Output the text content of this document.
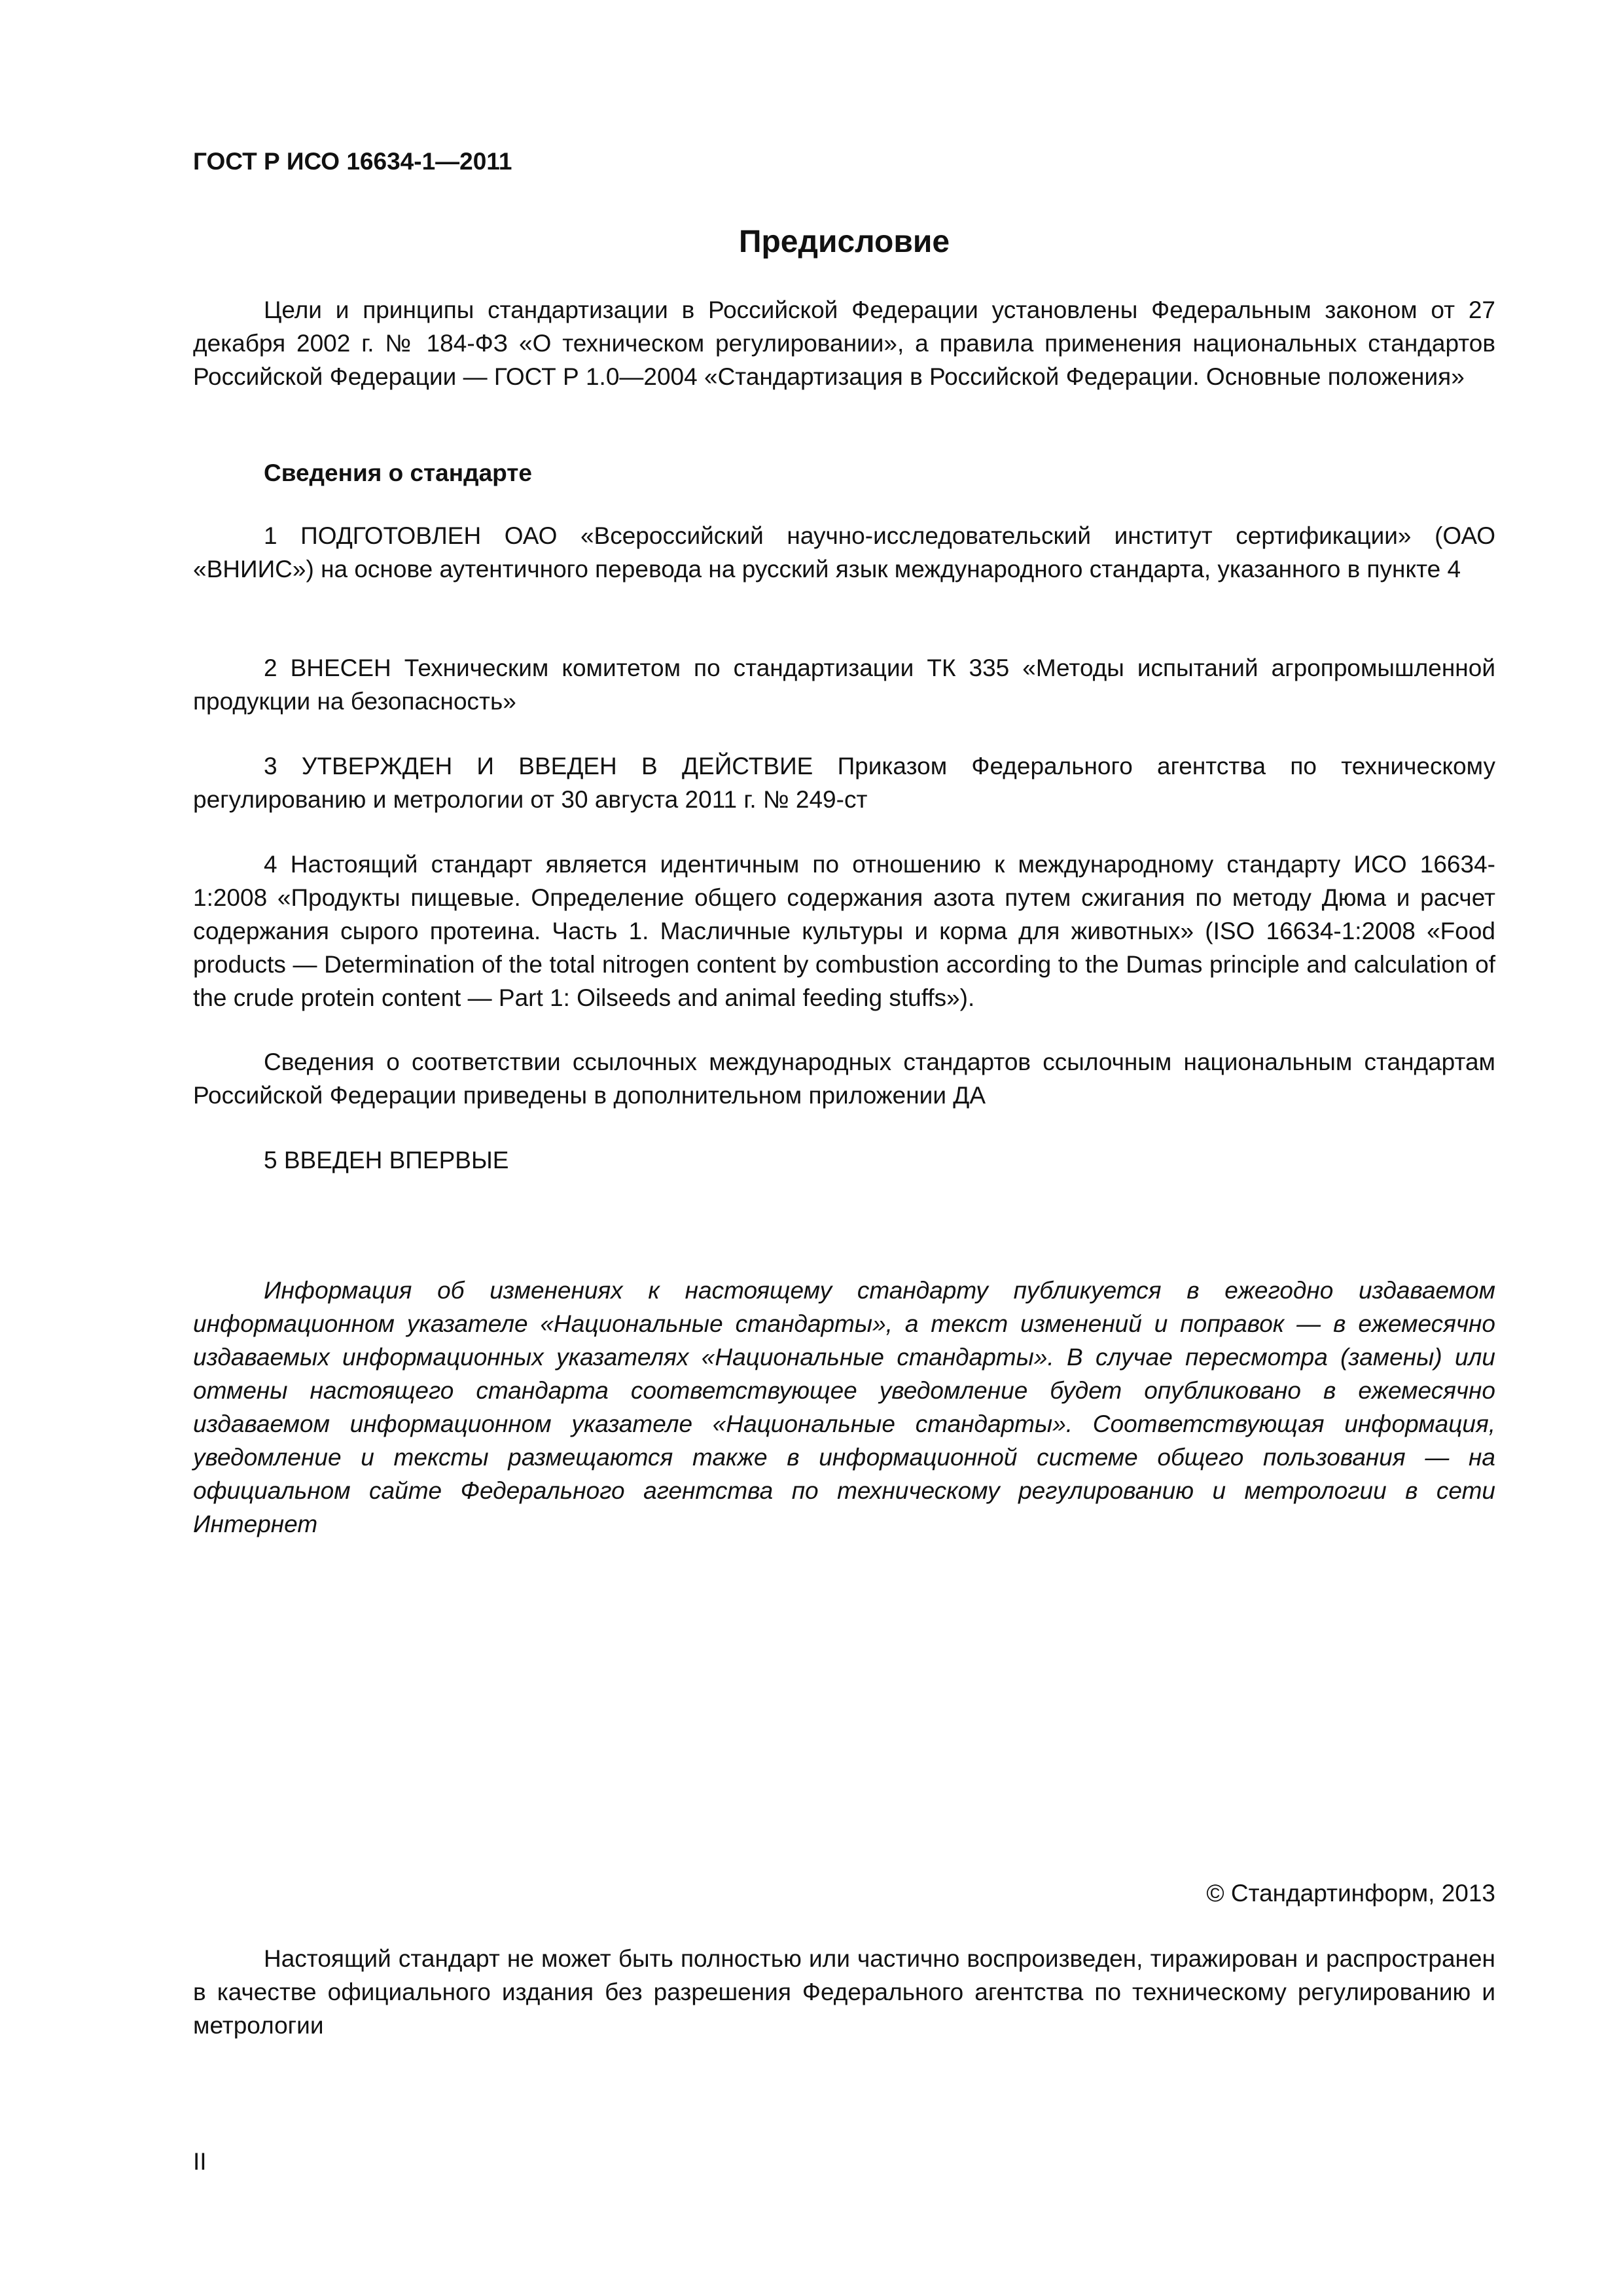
ГОСТ Р ИСО 16634-1—2011
Предисловие

Цели и принципы стандартизации в Российской Федерации установлены Федеральным законом от 27 декабря 2002 г. № 184-ФЗ «О техническом регулировании», а правила применения национальных стандартов Российской Федерации — ГОСТ Р 1.0—2004 «Стандартизация в Российской Федерации. Основные положения»

Сведения о стандарте

1 ПОДГОТОВЛЕН ОАО «Всероссийский научно-исследовательский институт сертификации» (ОАО «ВНИИС») на основе аутентичного перевода на русский язык международного стандарта, указанного в пункте 4

2 ВНЕСЕН Техническим комитетом по стандартизации ТК 335 «Методы испытаний агропромышленной продукции на безопасность»

3 УТВЕРЖДЕН И ВВЕДЕН В ДЕЙСТВИЕ Приказом Федерального агентства по техническому регулированию и метрологии от 30 августа 2011 г. № 249-ст

4 Настоящий стандарт является идентичным по отношению к международному стандарту ИСО 16634-1:2008 «Продукты пищевые. Определение общего содержания азота путем сжигания по методу Дюма и расчет содержания сырого протеина. Часть 1. Масличные культуры и корма для животных» (ISO 16634-1:2008 «Food products — Determination of the total nitrogen content by combustion according to the Dumas principle and calculation of the crude protein content — Part 1: Oilseeds and animal feeding stuffs»).

Сведения о соответствии ссылочных международных стандартов ссылочным национальным стандартам Российской Федерации приведены в дополнительном приложении ДА

5 ВВЕДЕН ВПЕРВЫЕ

Информация об изменениях к настоящему стандарту публикуется в ежегодно издаваемом информационном указателе «Национальные стандарты», а текст изменений и поправок — в ежемесячно издаваемых информационных указателях «Национальные стандарты». В случае пересмотра (замены) или отмены настоящего стандарта соответствующее уведомление будет опубликовано в ежемесячно издаваемом информационном указателе «Национальные стандарты». Соответствующая информация, уведомление и тексты размещаются также в информационной системе общего пользования — на официальном сайте Федерального агентства по техническому регулированию и метрологии в сети Интернет

© Стандартинформ, 2013

Настоящий стандарт не может быть полностью или частично воспроизведен, тиражирован и распространен в качестве официального издания без разрешения Федерального агентства по техническому регулированию и метрологии

II
